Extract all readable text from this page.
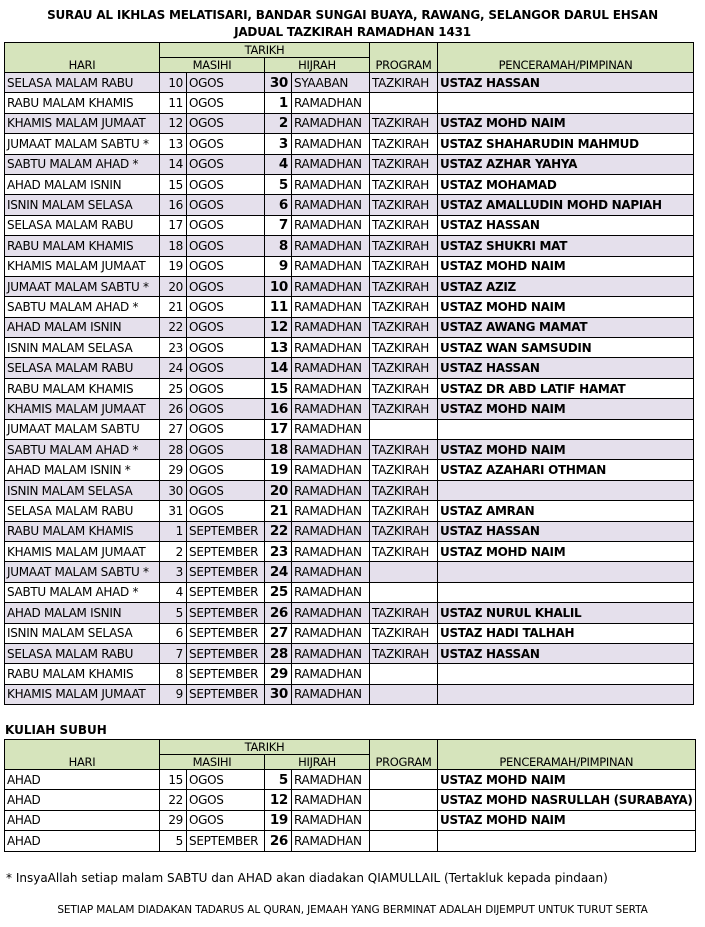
SURAU AL IKHLAS MELATISARI, BANDAR SUNGAI BUAYA, RAWANG, SELANGOR DARUL EHSAN
JADUAL TAZKIRAH RAMADHAN 1431
HARI	TARIKH				PROGRAM	PENCERAMAH/PIMPINAN
	MASIHI		HIJRAH			
SELASA MALAM RABU	10	OGOS	30	SYAABAN	TAZKIRAH	USTAZ HASSAN
RABU MALAM KHAMIS	11	OGOS	1	RAMADHAN		
KHAMIS MALAM JUMAAT	12	OGOS	2	RAMADHAN	TAZKIRAH	USTAZ MOHD NAIM
JUMAAT MALAM SABTU *	13	OGOS	3	RAMADHAN	TAZKIRAH	USTAZ SHAHARUDIN MAHMUD
SABTU MALAM AHAD *	14	OGOS	4	RAMADHAN	TAZKIRAH	USTAZ AZHAR YAHYA
AHAD MALAM ISNIN	15	OGOS	5	RAMADHAN	TAZKIRAH	USTAZ MOHAMAD
ISNIN MALAM SELASA	16	OGOS	6	RAMADHAN	TAZKIRAH	USTAZ AMALLUDIN MOHD NAPIAH
SELASA MALAM RABU	17	OGOS	7	RAMADHAN	TAZKIRAH	USTAZ HASSAN
RABU MALAM KHAMIS	18	OGOS	8	RAMADHAN	TAZKIRAH	USTAZ SHUKRI MAT
KHAMIS MALAM JUMAAT	19	OGOS	9	RAMADHAN	TAZKIRAH	USTAZ MOHD NAIM
JUMAAT MALAM SABTU *	20	OGOS	10	RAMADHAN	TAZKIRAH	USTAZ AZIZ
SABTU MALAM AHAD *	21	OGOS	11	RAMADHAN	TAZKIRAH	USTAZ MOHD NAIM
AHAD MALAM ISNIN	22	OGOS	12	RAMADHAN	TAZKIRAH	USTAZ AWANG MAMAT
ISNIN MALAM SELASA	23	OGOS	13	RAMADHAN	TAZKIRAH	USTAZ WAN SAMSUDIN
SELASA MALAM RABU	24	OGOS	14	RAMADHAN	TAZKIRAH	USTAZ HASSAN
RABU MALAM KHAMIS	25	OGOS	15	RAMADHAN	TAZKIRAH	USTAZ DR ABD LATIF HAMAT
KHAMIS MALAM JUMAAT	26	OGOS	16	RAMADHAN	TAZKIRAH	USTAZ MOHD NAIM
JUMAAT MALAM SABTU	27	OGOS	17	RAMADHAN		
SABTU MALAM AHAD *	28	OGOS	18	RAMADHAN	TAZKIRAH	USTAZ MOHD NAIM
AHAD MALAM ISNIN *	29	OGOS	19	RAMADHAN	TAZKIRAH	USTAZ AZAHARI OTHMAN
ISNIN MALAM SELASA	30	OGOS	20	RAMADHAN	TAZKIRAH	
SELASA MALAM RABU	31	OGOS	21	RAMADHAN	TAZKIRAH	USTAZ AMRAN
RABU MALAM KHAMIS	1	SEPTEMBER	22	RAMADHAN	TAZKIRAH	USTAZ HASSAN
KHAMIS MALAM JUMAAT	2	SEPTEMBER	23	RAMADHAN	TAZKIRAH	USTAZ MOHD NAIM
JUMAAT MALAM SABTU *	3	SEPTEMBER	24	RAMADHAN		
SABTU MALAM AHAD *	4	SEPTEMBER	25	RAMADHAN		
AHAD MALAM ISNIN	5	SEPTEMBER	26	RAMADHAN	TAZKIRAH	USTAZ NURUL KHALIL
ISNIN MALAM SELASA	6	SEPTEMBER	27	RAMADHAN	TAZKIRAH	USTAZ HADI TALHAH
SELASA MALAM RABU	7	SEPTEMBER	28	RAMADHAN	TAZKIRAH	USTAZ HASSAN
RABU MALAM KHAMIS	8	SEPTEMBER	29	RAMADHAN		
KHAMIS MALAM JUMAAT	9	SEPTEMBER	30	RAMADHAN		
KULIAH SUBUH
HARI	TARIKH				PROGRAM	PENCERAMAH/PIMPINAN
	MASIHI		HIJRAH			
AHAD	15	OGOS	5	RAMADHAN		USTAZ MOHD NAIM
AHAD	22	OGOS	12	RAMADHAN		USTAZ MOHD NASRULLAH (SURABAYA)
AHAD	29	OGOS	19	RAMADHAN		USTAZ MOHD NAIM
AHAD	5	SEPTEMBER	26	RAMADHAN		
* InsyaAllah setiap malam SABTU dan AHAD akan diadakan QIAMULLAIL (Tertakluk kepada pindaan)
SETIAP MALAM DIADAKAN TADARUS AL QURAN, JEMAAH YANG BERMINAT ADALAH DIJEMPUT UNTUK TURUT SERTA
